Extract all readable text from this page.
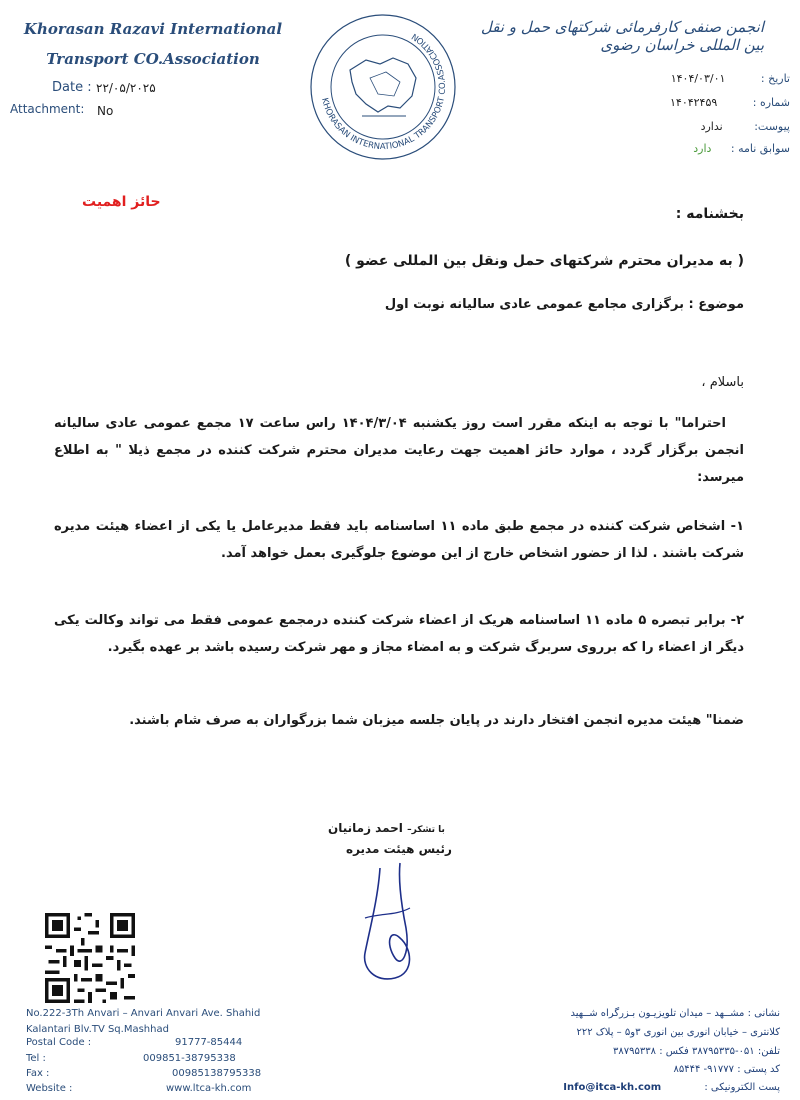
Khorasan Razavi International
Transport CO.Association
Date : ۲۲/۰۵/۲۰۲۵
Attachment: No
KHORASAN INTERNATIONAL TRANSPORT CO.ASSOCIATION
انجمن صنفی کارفرمائی شرکتهای حمل و نقل بین المللی خراسان رضوی
تاریخ : ۱۴۰۴/۰۳/۰۱
شماره : ۱۴۰۴۲۴۵۹
پیوست: ندارد
سوابق نامه : دارد
حائز اهمیت
بخشنامه :
( به مدیران محترم شرکتهای حمل ونقل بین المللی عضو )
موضوع : برگزاری مجامع عمومی عادی سالیانه نوبت اول
باسلام ،
احتراما" با توجه به اینکه مقرر است روز یکشنبه ۱۴۰۴/۳/۰۴ راس ساعت ۱۷ مجمع عمومی عادی سالیانه انجمن برگزار گردد ، موارد حائز اهمیت جهت رعایت مدیران محترم شرکت کننده در مجمع ذیلا " به اطلاع میرسد:
۱- اشخاص شرکت کننده در مجمع طبق ماده ۱۱ اساسنامه باید فقط مدیرعامل یا یکی از اعضاء هیئت مدیره شرکت باشند . لذا از حضور اشخاص خارج از این موضوع جلوگیری بعمل خواهد آمد.
۲- برابر تبصره ۵ ماده ۱۱ اساسنامه هریک از اعضاء شرکت کننده درمجمع عمومی فقط می تواند وکالت یکی دیگر از اعضاء را که برروی سربرگ شرکت و به امضاء مجاز و مهر شرکت رسیده باشد بر عهده بگیرد.
ضمنا" هیئت مدیره انجمن افتخار دارند در پایان جلسه میزبان شما بزرگواران به صرف شام باشند.
با تشکر– احمد زمانیان
رئیس هیئت مدیره
No.222-3Th Anvari – Anvari Anvari Ave. Shahid
Kalantari Blv.TV Sq.Mashhad
Postal Code :	91777-85444
Tel :	009851-38795338
Fax :	00985138795338
Website :	www.ltca-kh.com
نشانی : مشــهد – میدان تلویزیـون بـزرگراه شــهید
کلانتری – خیابان انوری بین انوری ۳و۵ – پلاک ۲۲۲
تلفن: ۰۵۱-۳۸۷۹۵۳۳۵ فکس : ۳۸۷۹۵۳۳۸
کد پستی : ۹۱۷۷۷- ۸۵۴۴۴
پست الکترونیکی : Info@itca-kh.com
